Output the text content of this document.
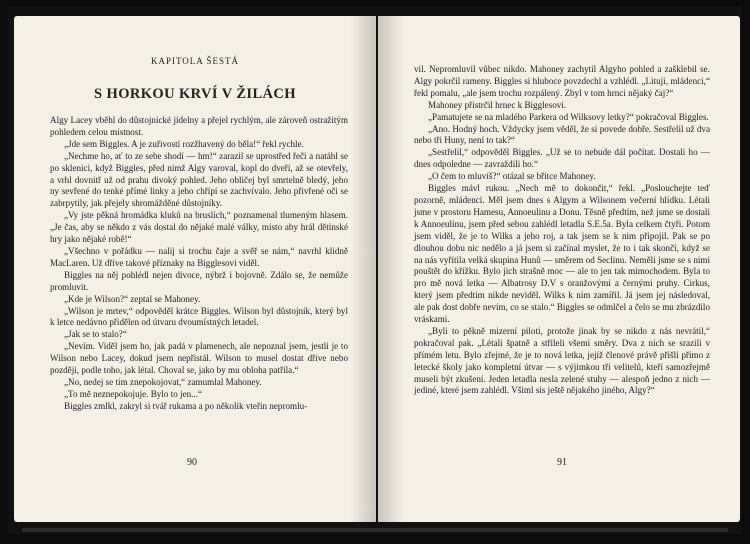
KAPITOLA ŠESTÁ
S HORKOU KRVÍ V ŽILÁCH

Algy Lacey vběhl do důstojnické jídelny a přejel rychlým, ale zároveň ostražitým pohledem celou místnost.

„Jde sem Biggles. A je zuřivostí rozžhavený do běla!“ řekl rychle.

„Nechme ho, ať to ze sebe shodí — hm!“ zarazil se uprostřed řeči a natáhl se po sklenici, když Biggles, před nímž Algy varoval, kopl do dveří, až se otevřely, a vrhl dovnitř už od prahu divoký pohled. Jeho obličej byl smrtelně bledý, jeho ny sevřené do tenké přímé linky a jeho chřípí se zachvívalo. Jeho přivřené oči se zabrpytily, jak přejely shromážděné důstojníky.

„Vy jste pěkná hromádka kluků na bruslích,“ poznamenal tlumeným hlasem. „Je čas, aby se někdo z vás dostal do nějaké malé války, místo aby hrál dětinské hry jako nějaké robě!“

„Všechno v pořádku — nalij si trochu čaje a svěř se nám,“ navrhl klidně MacLaren. Už dříve takové příznaky na Bigglesovi viděl.

Biggles na něj pohlédl nejen divoce, nýbrž i bojovně. Zdálo se, že nemůže promluvit.

„Kde je Wilson?“ zeptal se Mahoney.

„Wilson je mrtev,“ odpověděl krátce Biggles. Wilson byl důstojník, který byl k letce nedávno přidělen od útvaru dvoumístných letadel.

„Jak se to stalo?“

„Nevím. Viděl jsem ho, jak padá v plamenech, ale nepoznal jsem, jestli je to Wilson nebo Lacey, dokud jsem nepřistál. Wilson to musel dostat dříve nebo později, podle toho, jak létal. Choval se, jako by mu obloha patřila.“

„No, nedej se tím znepokojovat,“ zamumlal Mahoney.

„To mě neznepokojuje. Bylo to jen...“

Biggles zmlkl, zakryl si tvář rukama a po několik vteřin nepromlu-

90

vil. Nepromluvil vůbec nikdo. Mahoney zachytil Algyho pohled a zašklebil se. Algy pokrčil rameny. Biggles si hluboce povzdechl a vzhlédl. „Lituji, mládenci,“ řekl pomalu, „ale jsem trochu rozpálený. Zbyl v tom hrnci nějaký čaj?“

Mahoney přistrčil hrnec k Bigglesovi.

„Pamatujete se na mladého Parkera od Wilksovy letky?“ pokračoval Biggles.

„Ano. Hodný hoch. Vždycky jsem věděl, že si povede dobře. Sestřelil už dva nebo tři Huny, není to tak?“

„Sestřelil,“ odpověděl Biggles. „Už se to nebude dál počítat. Dostali ho — dnes odpoledne — zavraždili ho.“

„O čem to mluvíš?“ otázal se břitce Mahoney.

Biggles mávl rukou. „Nech mě to dokončit,“ řekl. „Poslouchejte teď pozorně, mládenci. Měl jsem dnes s Algym a Wilsonem večerní hlídku. Létali jsme v prostoru Hamesu, Annoeulinu a Donu. Těsně předtím, než jsme se dostali k Annoeulinu, jsem před sebou zahlédl letadla S.E.5a. Byla celkem čtyři. Potom jsem viděl, že je to Wilks a jeho roj, a tak jsem se k nim připojil. Pak se po dlouhou dobu nic nedělo a já jsem si začínal myslet, že to i tak skončí, když se na nás vyřítila velká skupina Hunů — směrem od Seclinu. Neměli jsme se s nimi pouštět do křížku. Bylo jich strašně moc — ale to jen tak mimochodem. Byla to pro mě nová letka — Albatrosy D.V s oranžovými a černými pruhy. Cirkus, který jsem předtím nikde neviděl. Wilks k nim zamířil. Já jsem jej následoval, ale pak dost dobře nevím, co se stalo.“ Biggles se odmlčel a čelo se mu zbrázdilo vráskami.

„Byli to pěkně mizerní piloti, protože jinak by se nikdo z nás nevrátil,“ pokračoval pak. „Létali špatně a střileli všemi směry. Dva z nich se srazili v přímém letu. Bylo zřejmé, že je to nová letka, jejíž členové právě přišli přímo z letecké školy jako kompletní útvar — s výjimkou tří velitelů, kteří samozřejmě museli být zkušení. Jeden letadla nesla zelené stuhy — alespoň jedno z nich — jediné, které jsem zahlédl. Všiml sis ještě nějakého jiného, Algy?“

91
